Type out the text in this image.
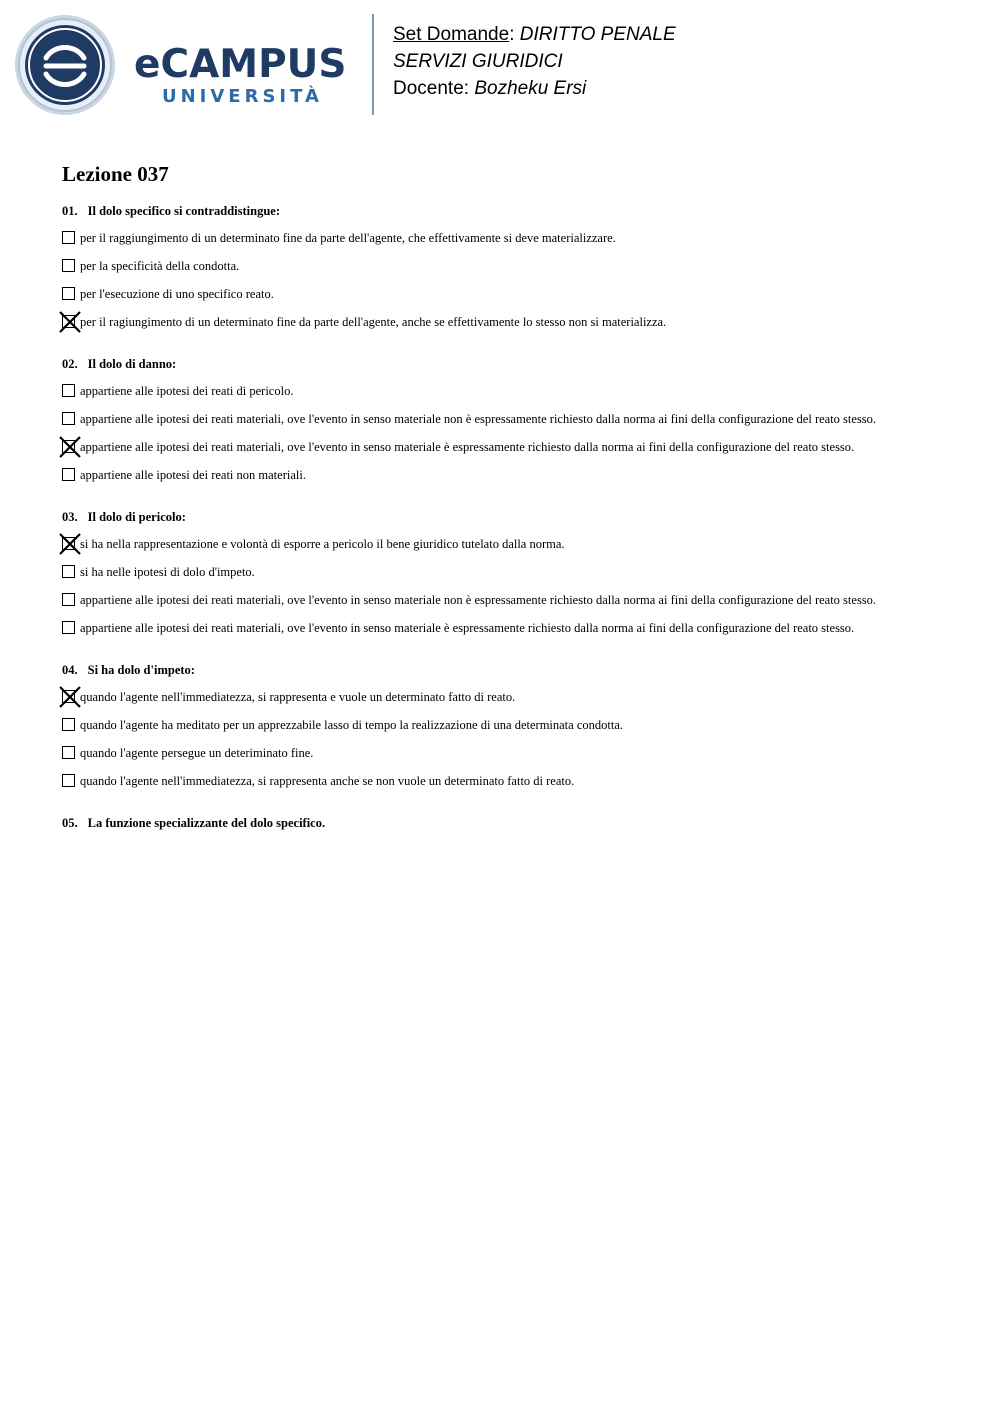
eCAMPUS
UNIVERSITÀ
Set Domande: DIRITTO PENALE
SERVIZI GIURIDICI
Docente: Bozheku Ersi
Lezione 037
01. Il dolo specifico si contraddistingue:
per il raggiungimento di un determinato fine da parte dell'agente, che effettivamente si deve materializzare.
per la specificità della condotta.
per l'esecuzione di uno specifico reato.
per il ragiungimento di un determinato fine da parte dell'agente, anche se effettivamente lo stesso non si materializza.
02. Il dolo di danno:
appartiene alle ipotesi dei reati di pericolo.
appartiene alle ipotesi dei reati materiali, ove l'evento in senso materiale non è espressamente richiesto dalla norma ai fini della configurazione del reato stesso.
appartiene alle ipotesi dei reati materiali, ove l'evento in senso materiale è espressamente richiesto dalla norma ai fini della configurazione del reato stesso.
appartiene alle ipotesi dei reati non materiali.
03. Il dolo di pericolo:
si ha nella rappresentazione e volontà di esporre a pericolo il bene giuridico tutelato dalla norma.
si ha nelle ipotesi di dolo d'impeto.
appartiene alle ipotesi dei reati materiali, ove l'evento in senso materiale non è espressamente richiesto dalla norma ai fini della configurazione del reato stesso.
appartiene alle ipotesi dei reati materiali, ove l'evento in senso materiale è espressamente richiesto dalla norma ai fini della configurazione del reato stesso.
04. Si ha dolo d'impeto:
quando l'agente nell'immediatezza, si rappresenta e vuole un determinato fatto di reato.
quando l'agente ha meditato per un apprezzabile lasso di tempo la realizzazione di una determinata condotta.
quando l'agente persegue un deteriminato fine.
quando l'agente nell'immediatezza, si rappresenta anche se non vuole un determinato fatto di reato.
05. La funzione specializzante del dolo specifico.
